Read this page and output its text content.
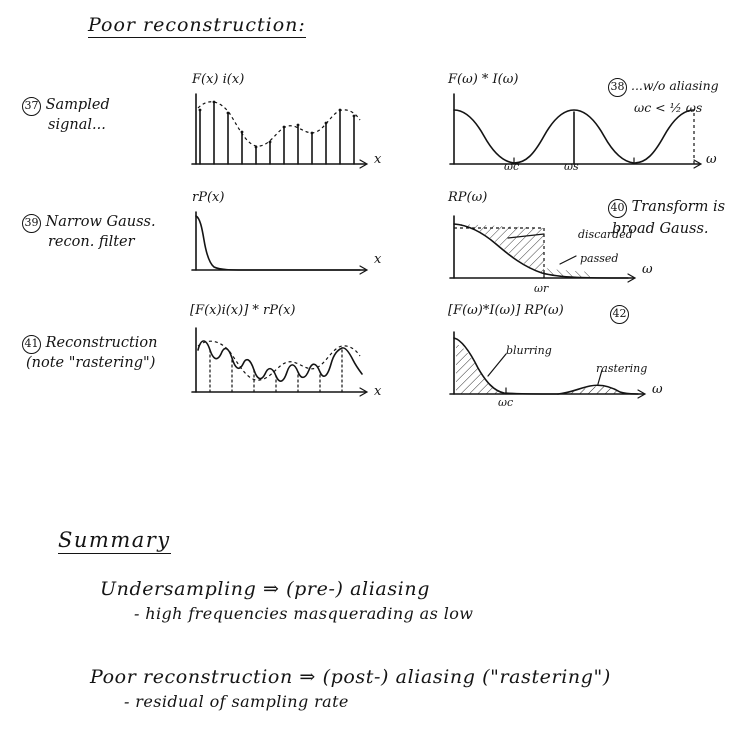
Poor reconstruction:
37 Sampled
signal...
F(x) i(x)
x
F(ω) * I(ω)	38 ...w/o aliasing
ωc < ½ ωs
ωc	ωs	ω
39 Narrow Gauss.
recon. filter
rP(x)
x
RP(ω)
40 Transform is
broad Gauss.
discarded
passed
ωr
ω
41 Reconstruction
(note "rastering")
[F(x)i(x)] * rP(x)
x
[F(ω)*I(ω)] RP(ω)	42
blurring
rastering
ωc
ω
Summary
Undersampling ⇒ (pre-) aliasing
- high frequencies masquerading as low
Poor reconstruction ⇒ (post-) aliasing ("rastering")
- residual of sampling rate
